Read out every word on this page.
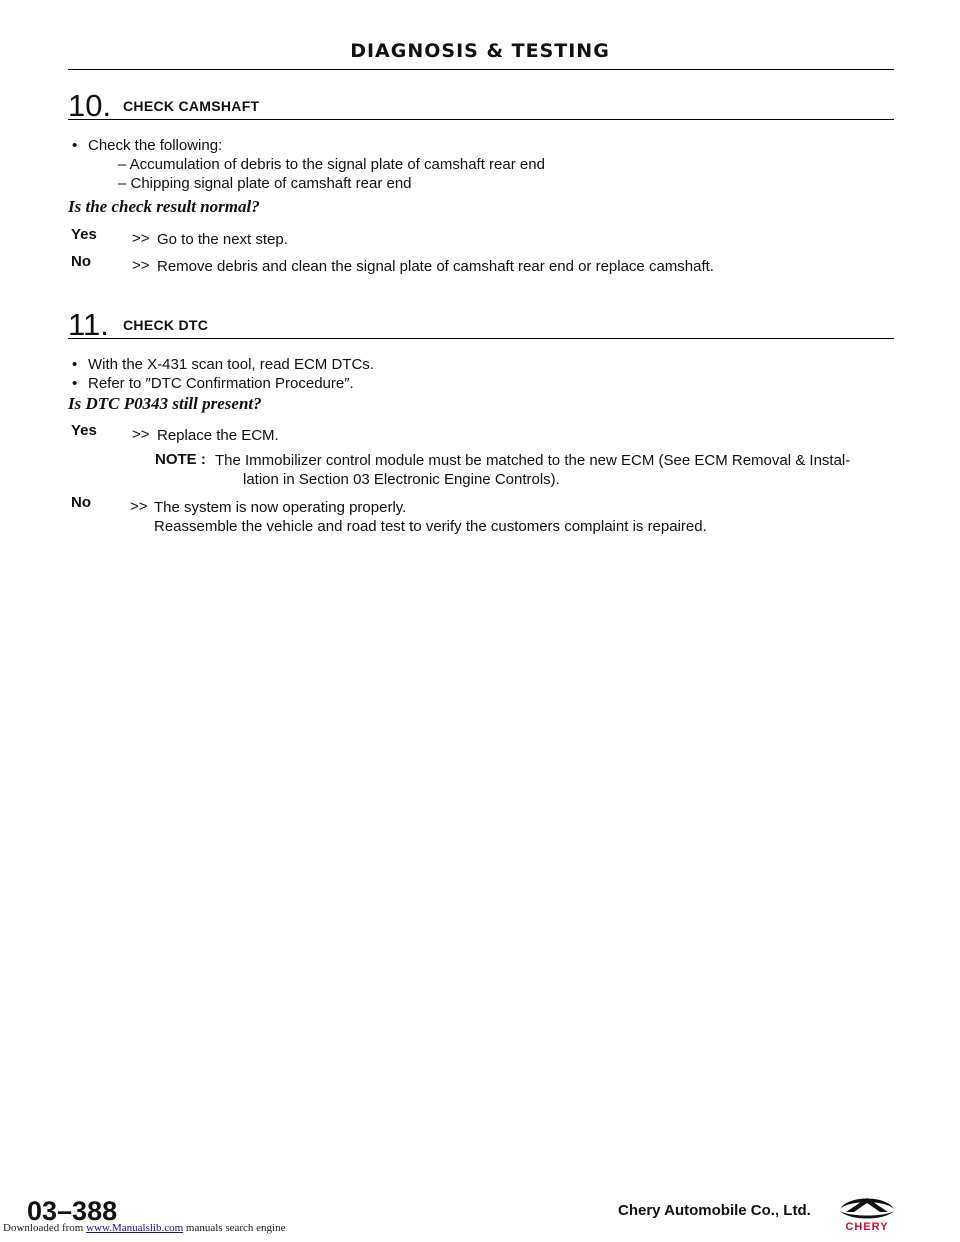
DIAGNOSIS & TESTING
10. CHECK CAMSHAFT
• Check the following:
– Accumulation of debris to the signal plate of camshaft rear end
– Chipping signal plate of camshaft rear end
Is the check result normal?
Yes >> Go to the next step.
No	>> Remove debris and clean the signal plate of camshaft rear end or replace camshaft.
11. CHECK DTC
• With the X-431 scan tool, read ECM DTCs.
• Refer to ″DTC Confirmation Procedure″.
Is DTC P0343 still present?
Yes >> Replace the ECM.
NOTE : The Immobilizer control module must be matched to the new ECM (See ECM Removal & Instal-
lation in Section 03 Electronic Engine Controls).
No	>> The system is now operating properly.
Reassemble the vehicle and road test to verify the customers complaint is repaired.
03–388	Chery Automobile Co., Ltd.
CHERY
Downloaded from www.Manualslib.com manuals search engine
